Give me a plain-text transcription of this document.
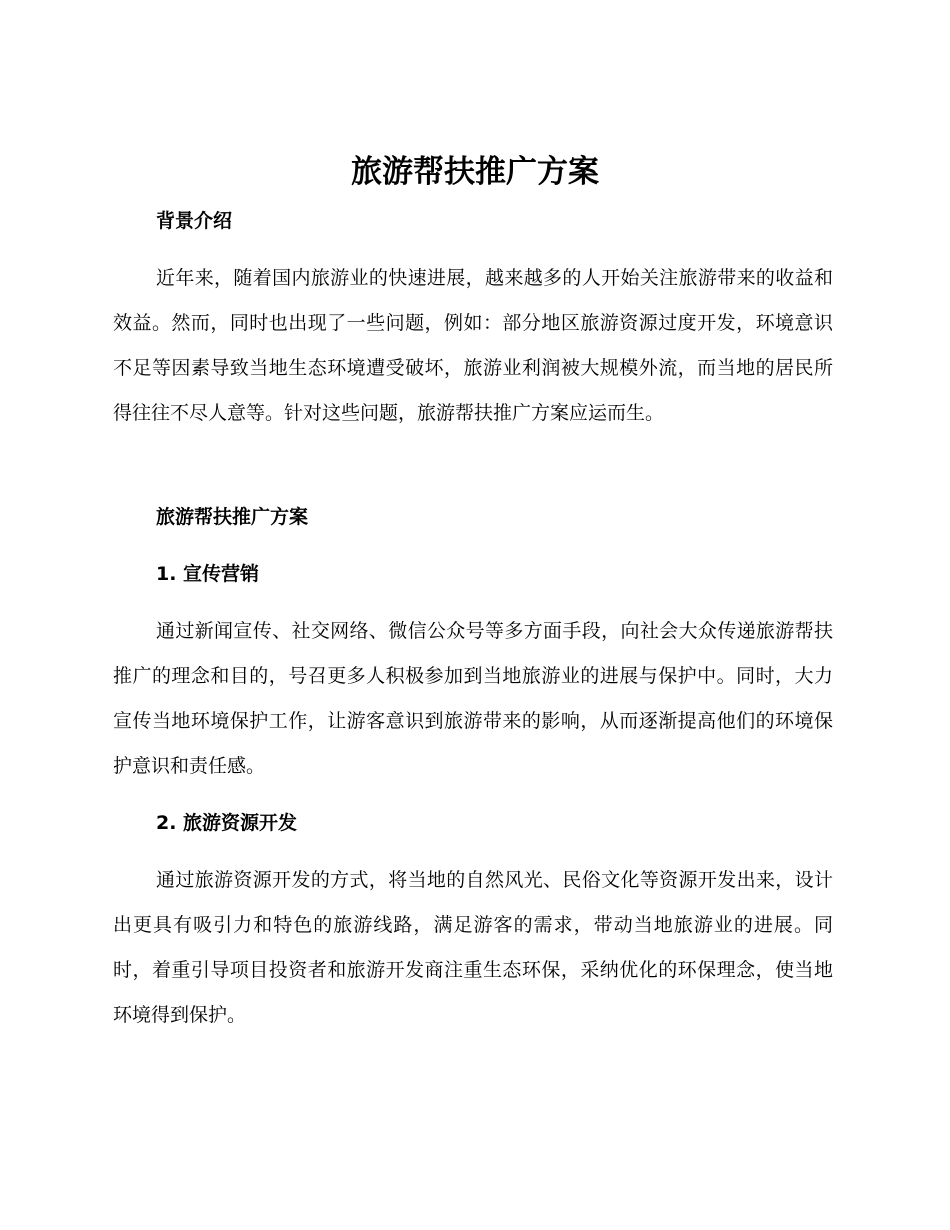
旅游帮扶推广方案
背景介绍

近年来，随着国内旅游业的快速进展，越来越多的人开始关注旅游带来的收益和效益。然而，同时也出现了一些问题，例如：部分地区旅游资源过度开发，环境意识不足等因素导致当地生态环境遭受破坏，旅游业利润被大规模外流，而当地的居民所得往往不尽人意等。针对这些问题，旅游帮扶推广方案应运而生。

旅游帮扶推广方案
1. 宣传营销

通过新闻宣传、社交网络、微信公众号等多方面手段，向社会大众传递旅游帮扶推广的理念和目的，号召更多人积极参加到当地旅游业的进展与保护中。同时，大力宣传当地环境保护工作，让游客意识到旅游带来的影响，从而逐渐提高他们的环境保护意识和责任感。

2. 旅游资源开发

通过旅游资源开发的方式，将当地的自然风光、民俗文化等资源开发出来，设计出更具有吸引力和特色的旅游线路，满足游客的需求，带动当地旅游业的进展。同时，着重引导项目投资者和旅游开发商注重生态环保，采纳优化的环保理念，使当地环境得到保护。
